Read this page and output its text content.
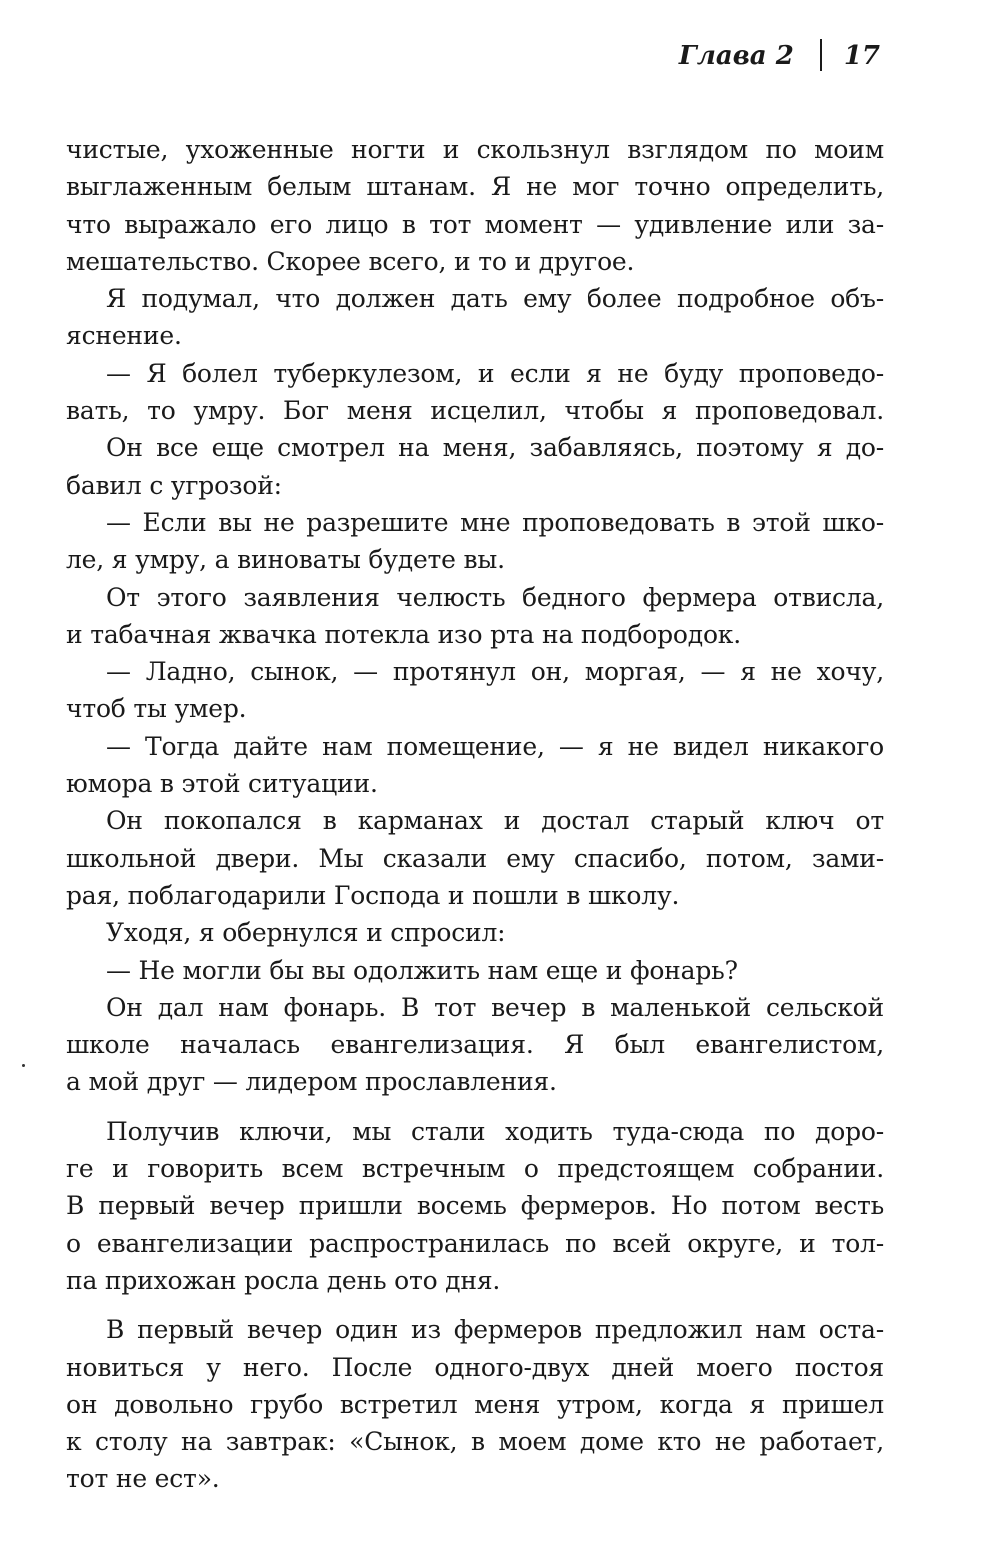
Глава 2 17
чистые, ухоженные ногти и скользнул взглядом по моим
выглаженным белым штанам. Я не мог точно определить,
что выражало его лицо в тот момент — удивление или за-
мешательство. Скорее всего, и то и другое.
Я подумал, что должен дать ему более подробное объ-
яснение.
— Я болел туберкулезом, и если я не буду проповедо-
вать, то умру. Бог меня исцелил, чтобы я проповедовал.
Он все еще смотрел на меня, забавляясь, поэтому я до-
бавил с угрозой:
— Если вы не разрешите мне проповедовать в этой шко-
ле, я умру, а виноваты будете вы.
От этого заявления челюсть бедного фермера отвисла,
и табачная жвачка потекла изо рта на подбородок.
— Ладно, сынок, — протянул он, моргая, — я не хочу,
чтоб ты умер.
— Тогда дайте нам помещение, — я не видел никакого
юмора в этой ситуации.
Он покопался в карманах и достал старый ключ от
школьной двери. Мы сказали ему спасибо, потом, зами-
рая, поблагодарили Господа и пошли в школу.
Уходя, я обернулся и спросил:
— Не могли бы вы одолжить нам еще и фонарь?
Он дал нам фонарь. В тот вечер в маленькой сельской
школе началась евангелизация. Я был евангелистом,
а мой друг — лидером прославления.
Получив ключи, мы стали ходить туда-сюда по доро-
ге и говорить всем встречным о предстоящем собрании.
В первый вечер пришли восемь фермеров. Но потом весть
о евангелизации распространилась по всей округе, и тол-
па прихожан росла день ото дня.
В первый вечер один из фермеров предложил нам оста-
новиться у него. После одного-двух дней моего постоя
он довольно грубо встретил меня утром, когда я пришел
к столу на завтрак: «Сынок, в моем доме кто не работает,
тот не ест».
